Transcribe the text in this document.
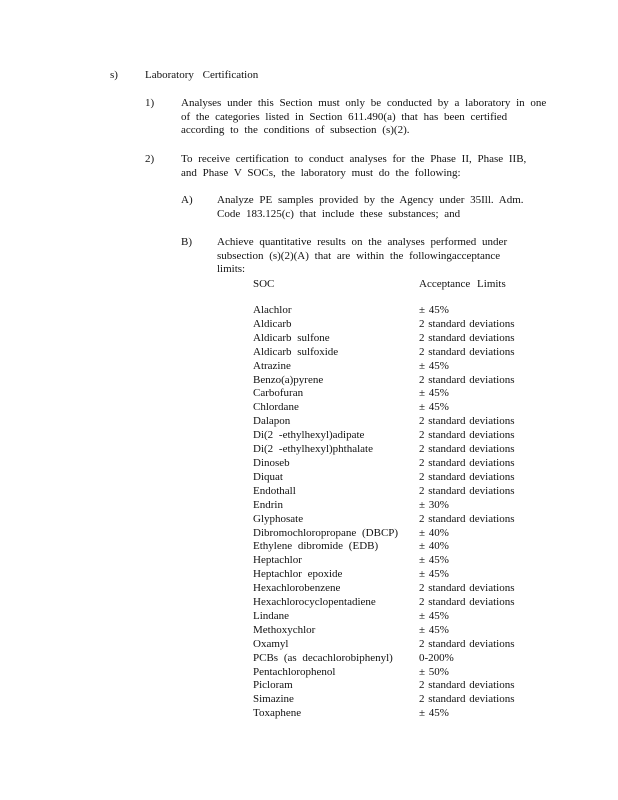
s) Laboratory Certification
1) Analyses under this Section must only be conducted by a laboratory in one
of the categories listed in Section 611.490(a) that has been certified
according to the conditions of subsection (s)(2).
2) To receive certification to conduct analyses for the Phase II, Phase IIB,
and Phase V SOCs, the laboratory must do the following:
A) Analyze PE samples provided by the Agency under 35Ill. Adm.
Code 183.125(c) that include these substances; and
B) Achieve quantitative results on the analyses performed under
subsection (s)(2)(A) that are within the followingacceptance
limits:
SOC	Acceptance Limits
Alachlor	± 45%
Aldicarb	2 standard deviations
Aldicarb sulfone	2 standard deviations
Aldicarb sulfoxide	2 standard deviations
Atrazine	± 45%
Benzo(a)pyrene	2 standard deviations
Carbofuran	± 45%
Chlordane	± 45%
Dalapon	2 standard deviations
Di(2 -ethylhexyl)adipate	2 standard deviations
Di(2 -ethylhexyl)phthalate	2 standard deviations
Dinoseb	2 standard deviations
Diquat	2 standard deviations
Endothall	2 standard deviations
Endrin	± 30%
Glyphosate	2 standard deviations
Dibromochloropropane (DBCP)	± 40%
Ethylene dibromide (EDB)	± 40%
Heptachlor	± 45%
Heptachlor epoxide	± 45%
Hexachlorobenzene	2 standard deviations
Hexachlorocyclopentadiene	2 standard deviations
Lindane	± 45%
Methoxychlor	± 45%
Oxamyl	2 standard deviations
PCBs (as decachlorobiphenyl)	0-200%
Pentachlorophenol	± 50%
Picloram	2 standard deviations
Simazine	2 standard deviations
Toxaphene	± 45%
